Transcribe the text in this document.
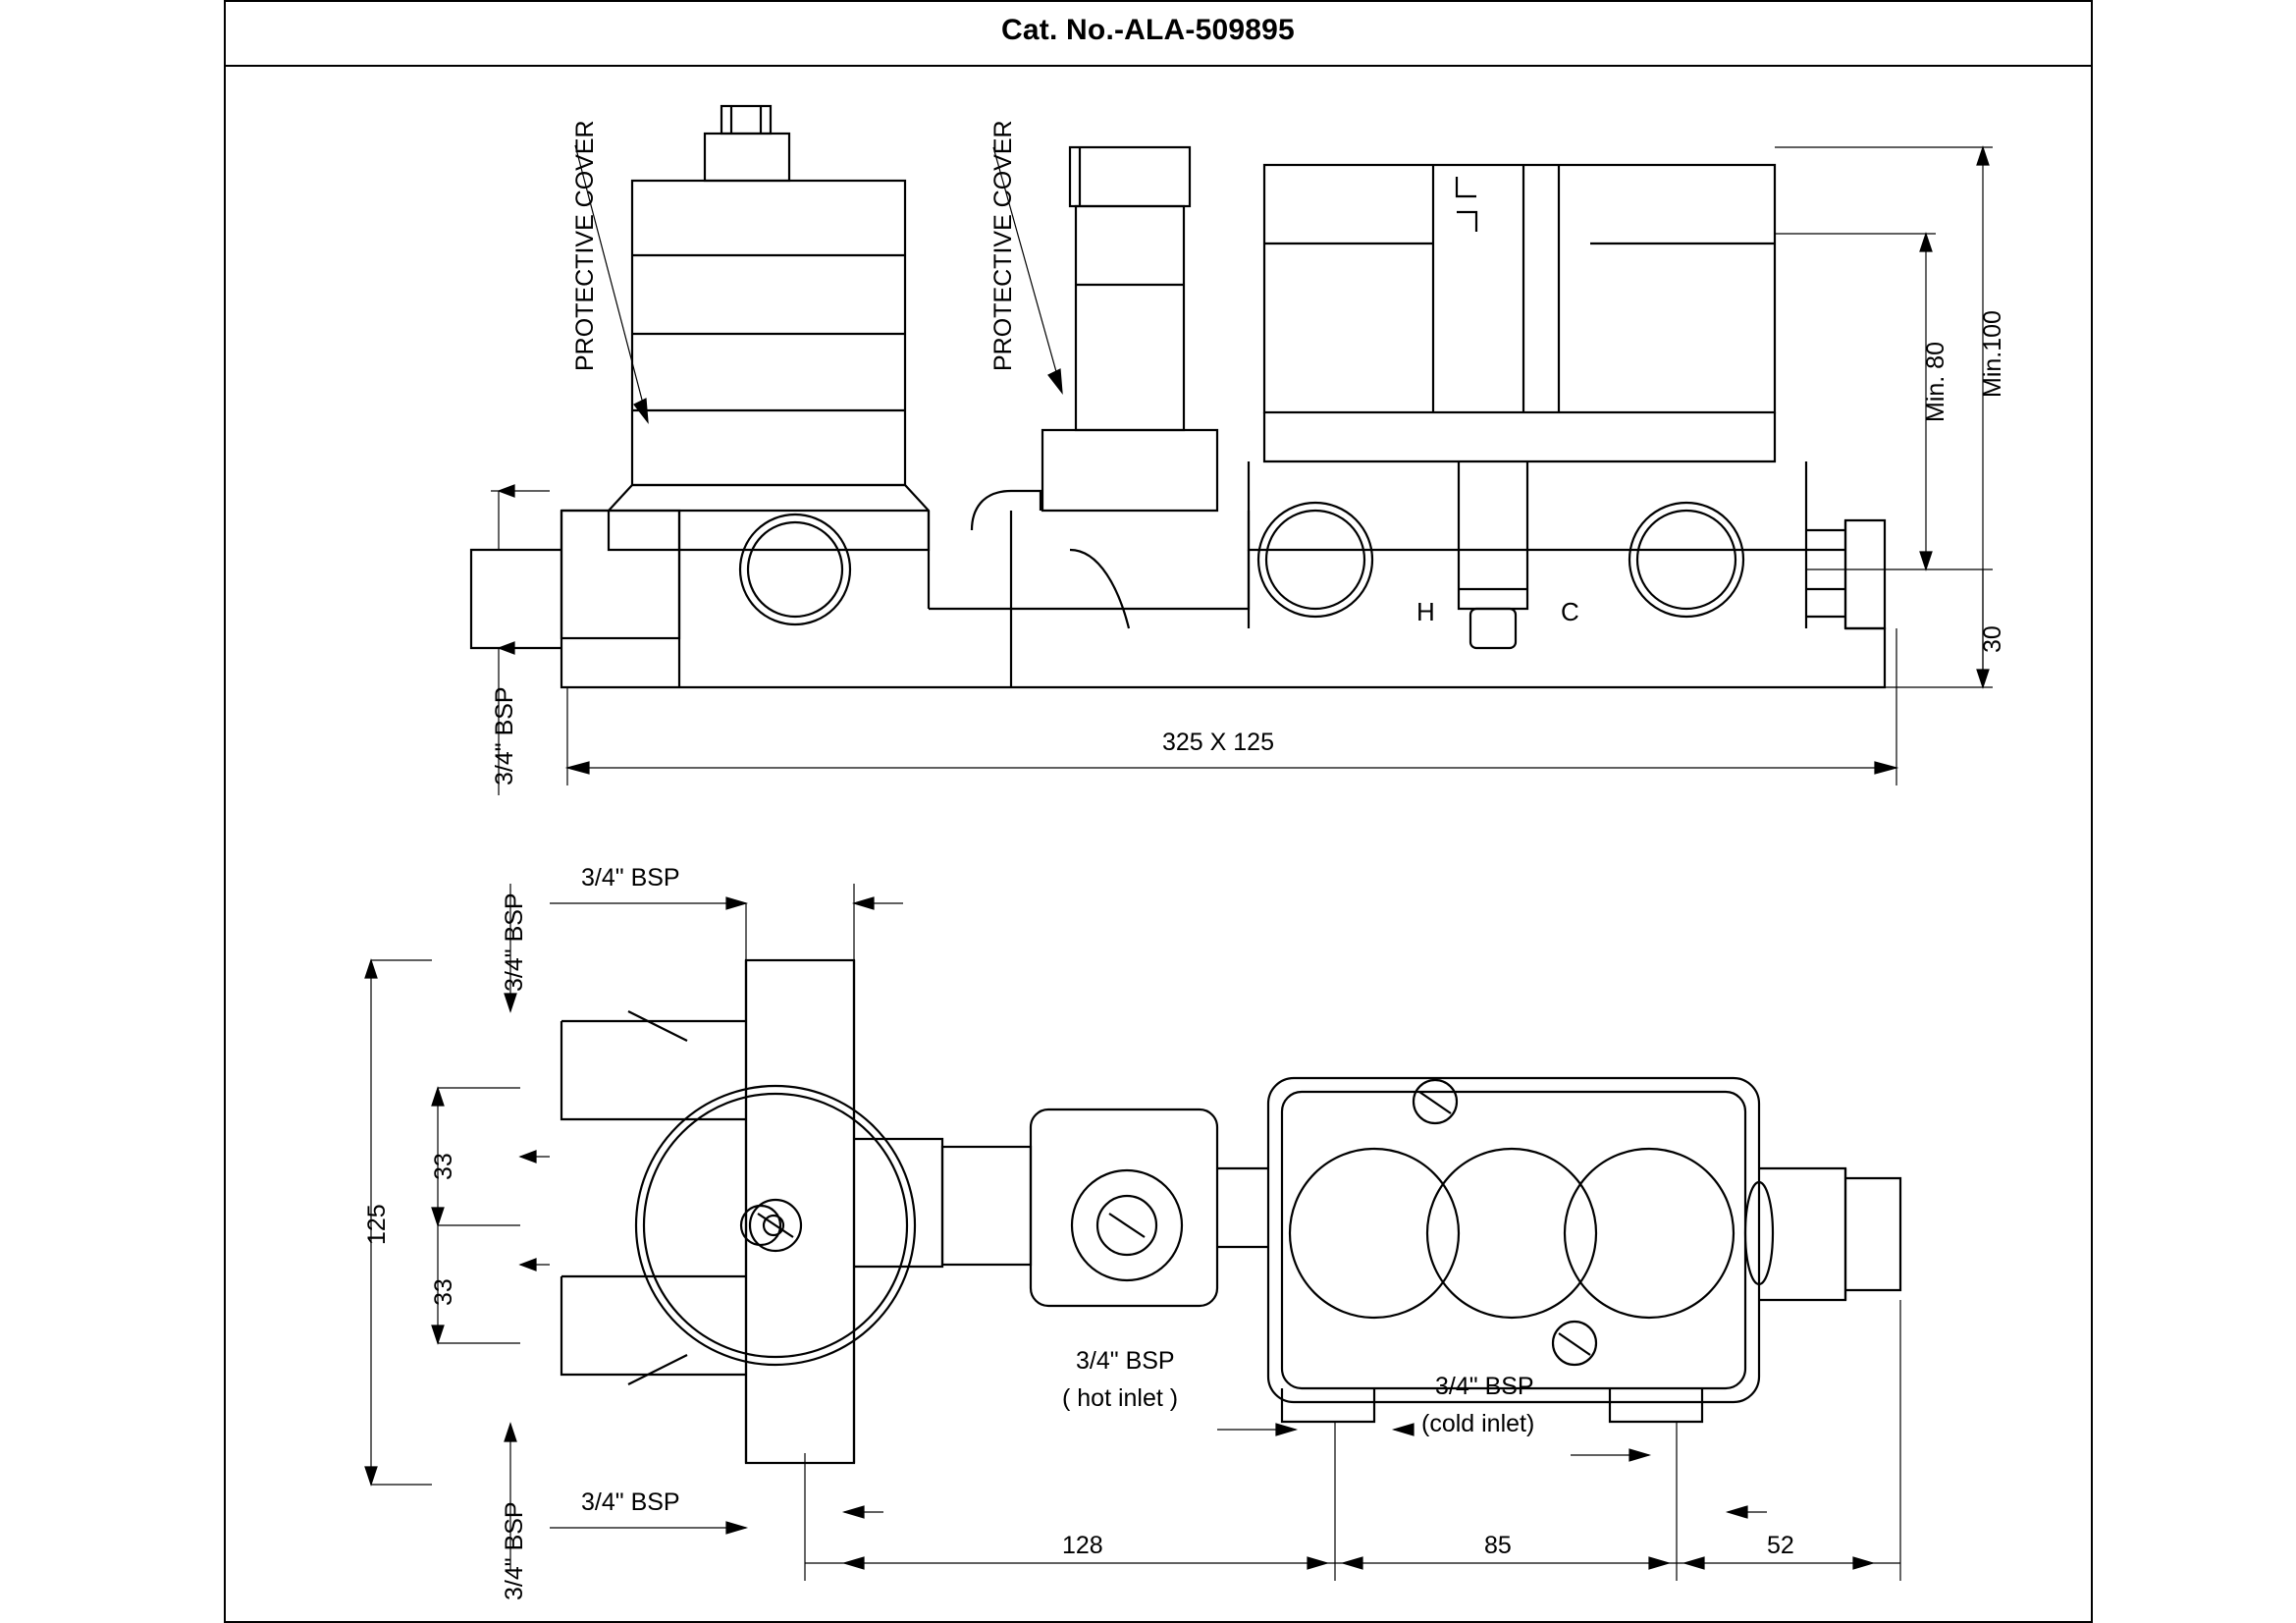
Cat. No.-ALA-509895
PROTECTIVE COVER	PROTECTIVE COVER
Min. 80 Min.100
30
325 X 125
3/4" BSP
H	C
3/4" BSP
3/4" BSP
3/4" BSP 3/4" BSP
3/4" BSP
( hot inlet )	3/4" BSP
(cold inlet)
125
33
33
128	85	52
